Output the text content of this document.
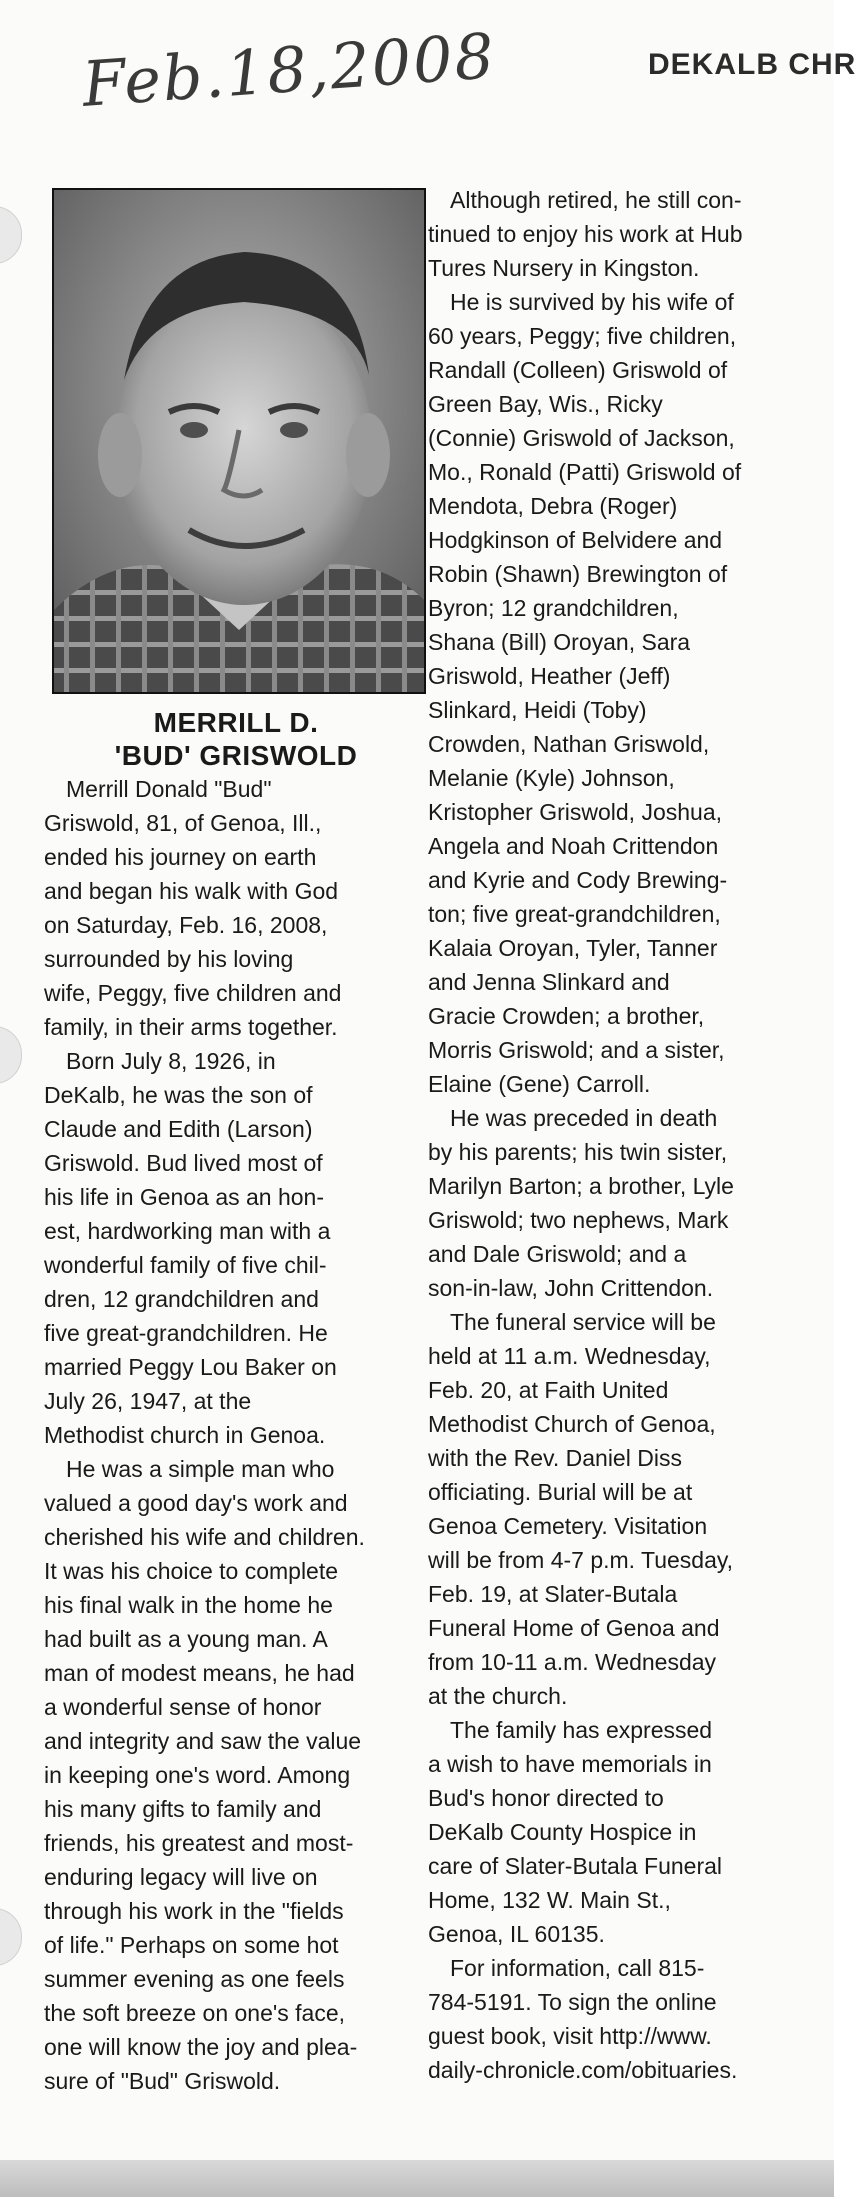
Feb.18,2008	DEKALB CHR
MERRILL D.
'BUD' GRISWOLD
Merrill Donald "Bud"
Griswold, 81, of Genoa, Ill.,
ended his journey on earth
and began his walk with God
on Saturday, Feb. 16, 2008,
surrounded by his loving
wife, Peggy, five children and
family, in their arms together.
Born July 8, 1926, in
DeKalb, he was the son of
Claude and Edith (Larson)
Griswold. Bud lived most of
his life in Genoa as an hon-
est, hardworking man with a
wonderful family of five chil-
dren, 12 grandchildren and
five great-grandchildren. He
married Peggy Lou Baker on
July 26, 1947, at the
Methodist church in Genoa.
He was a simple man who
valued a good day's work and
cherished his wife and children.
It was his choice to complete
his final walk in the home he
had built as a young man. A
man of modest means, he had
a wonderful sense of honor
and integrity and saw the value
in keeping one's word. Among
his many gifts to family and
friends, his greatest and most-
enduring legacy will live on
through his work in the "fields
of life." Perhaps on some hot
summer evening as one feels
the soft breeze on one's face,
one will know the joy and plea-
sure of "Bud" Griswold.
Although retired, he still con-
tinued to enjoy his work at Hub
Tures Nursery in Kingston.
He is survived by his wife of
60 years, Peggy; five children,
Randall (Colleen) Griswold of
Green Bay, Wis., Ricky
(Connie) Griswold of Jackson,
Mo., Ronald (Patti) Griswold of
Mendota, Debra (Roger)
Hodgkinson of Belvidere and
Robin (Shawn) Brewington of
Byron; 12 grandchildren,
Shana (Bill) Oroyan, Sara
Griswold, Heather (Jeff)
Slinkard, Heidi (Toby)
Crowden, Nathan Griswold,
Melanie (Kyle) Johnson,
Kristopher Griswold, Joshua,
Angela and Noah Crittendon
and Kyrie and Cody Brewing-
ton; five great-grandchildren,
Kalaia Oroyan, Tyler, Tanner
and Jenna Slinkard and
Gracie Crowden; a brother,
Morris Griswold; and a sister,
Elaine (Gene) Carroll.
He was preceded in death
by his parents; his twin sister,
Marilyn Barton; a brother, Lyle
Griswold; two nephews, Mark
and Dale Griswold; and a
son-in-law, John Crittendon.
The funeral service will be
held at 11 a.m. Wednesday,
Feb. 20, at Faith United
Methodist Church of Genoa,
with the Rev. Daniel Diss
officiating. Burial will be at
Genoa Cemetery. Visitation
will be from 4-7 p.m. Tuesday,
Feb. 19, at Slater-Butala
Funeral Home of Genoa and
from 10-11 a.m. Wednesday
at the church.
The family has expressed
a wish to have memorials in
Bud's honor directed to
DeKalb County Hospice in
care of Slater-Butala Funeral
Home, 132 W. Main St.,
Genoa, IL 60135.
For information, call 815-
784-5191. To sign the online
guest book, visit http://www.
daily-chronicle.com/obituaries.
